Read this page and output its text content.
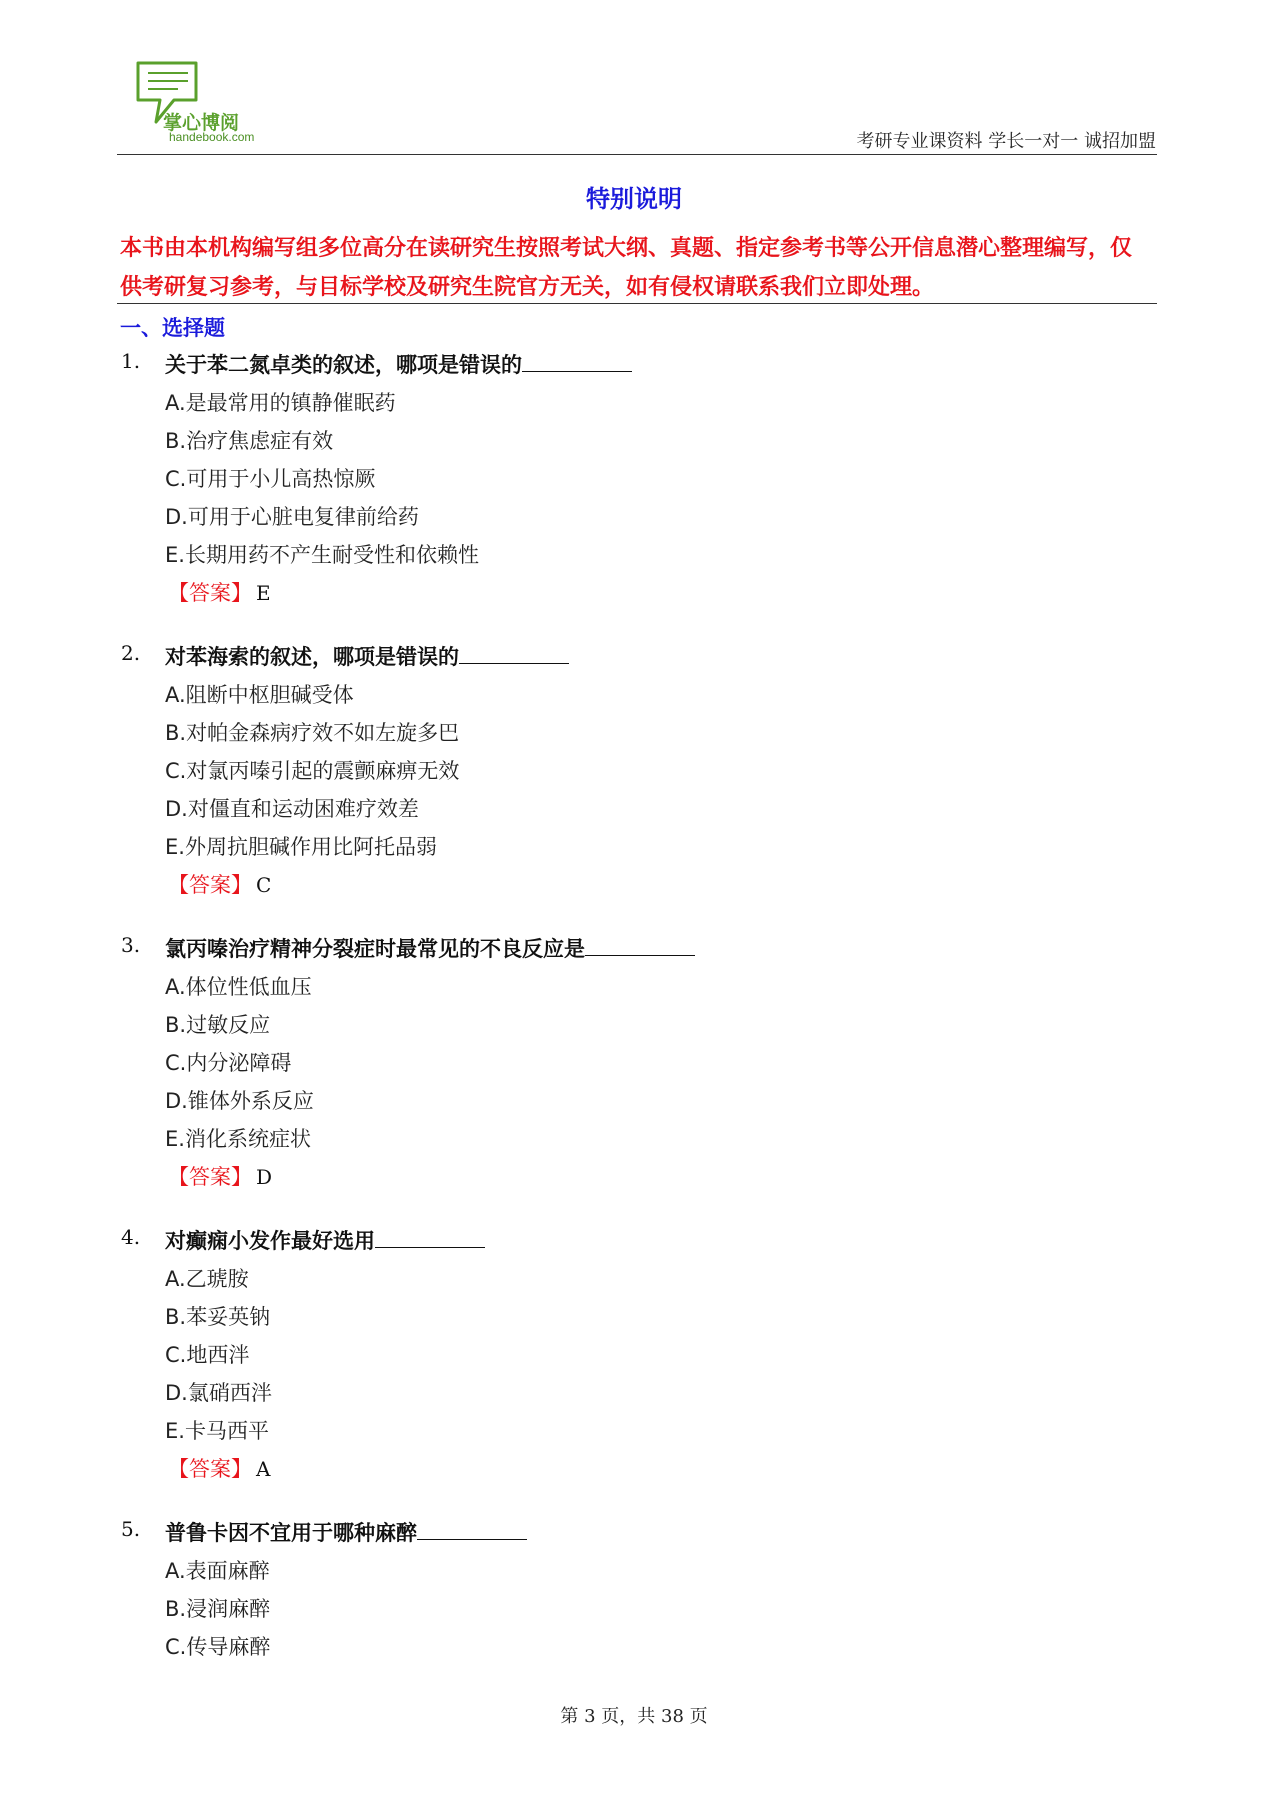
掌心博阅
handebook.com	考研专业课资料 学长一对一 诚招加盟
特别说明
本书由本机构编写组多位高分在读研究生按照考试大纲、真题、指定参考书等公开信息潜心整理编写，仅
供考研复习参考，与目标学校及研究生院官方无关，如有侵权请联系我们立即处理。
一、选择题
1. 关于苯二氮卓类的叙述，哪项是错误的
A.是最常用的镇静催眠药
B.治疗焦虑症有效
C.可用于小儿高热惊厥
D.可用于心脏电复律前给药
E.长期用药不产生耐受性和依赖性
【答案】 E
2. 对苯海索的叙述，哪项是错误的
A.阻断中枢胆碱受体
B.对帕金森病疗效不如左旋多巴
C.对氯丙嗪引起的震颤麻痹无效
D.对僵直和运动困难疗效差
E.外周抗胆碱作用比阿托品弱
【答案】 C
3. 氯丙嗪治疗精神分裂症时最常见的不良反应是
A.体位性低血压
B.过敏反应
C.内分泌障碍
D.锥体外系反应
E.消化系统症状
【答案】 D
4. 对癫痫小发作最好选用
A.乙琥胺
B.苯妥英钠
C.地西泮
D.氯硝西泮
E.卡马西平
【答案】 A
5. 普鲁卡因不宜用于哪种麻醉
A.表面麻醉
B.浸润麻醉
C.传导麻醉
第 3 页，共 38 页
